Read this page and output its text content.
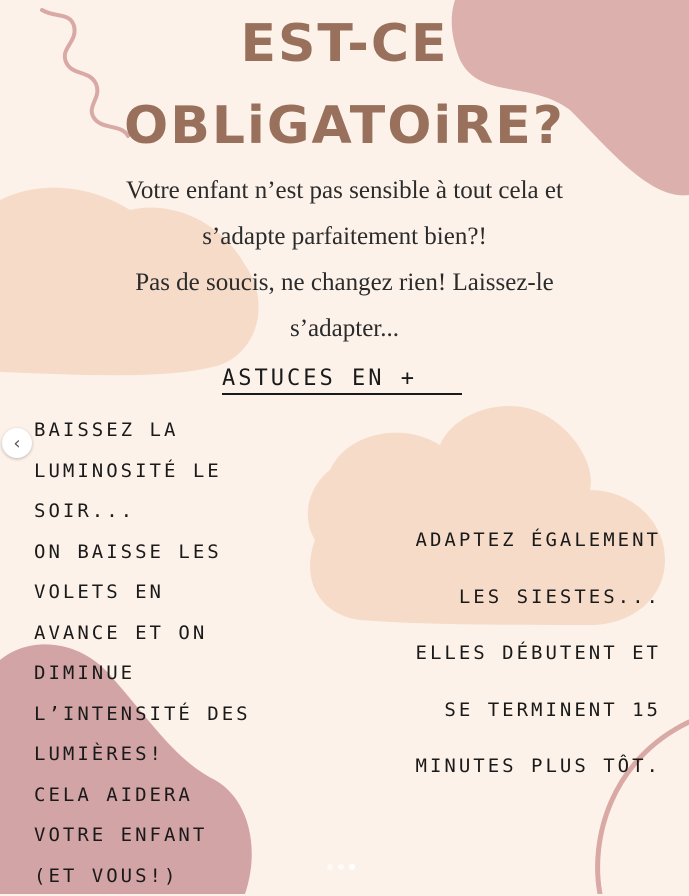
EST-CE
OBLiGATOiRE?
Votre enfant n’est pas sensible à tout cela et
s’adapte parfaitement bien?!
Pas de soucis, ne changez rien! Laissez-le
s’adapter...
ASTUCES EN +
BAISSEZ LA
LUMINOSITÉ LE
SOIR...
ON BAISSE LES
VOLETS EN
AVANCE ET ON
DIMINUE
L’INTENSITÉ DES
LUMIÈRES!
CELA AIDERA
VOTRE ENFANT
(ET VOUS!)
ADAPTEZ ÉGALEMENT
LES SIESTES...
ELLES DÉBUTENT ET
SE TERMINENT 15
MINUTES PLUS TÔT.
‹
